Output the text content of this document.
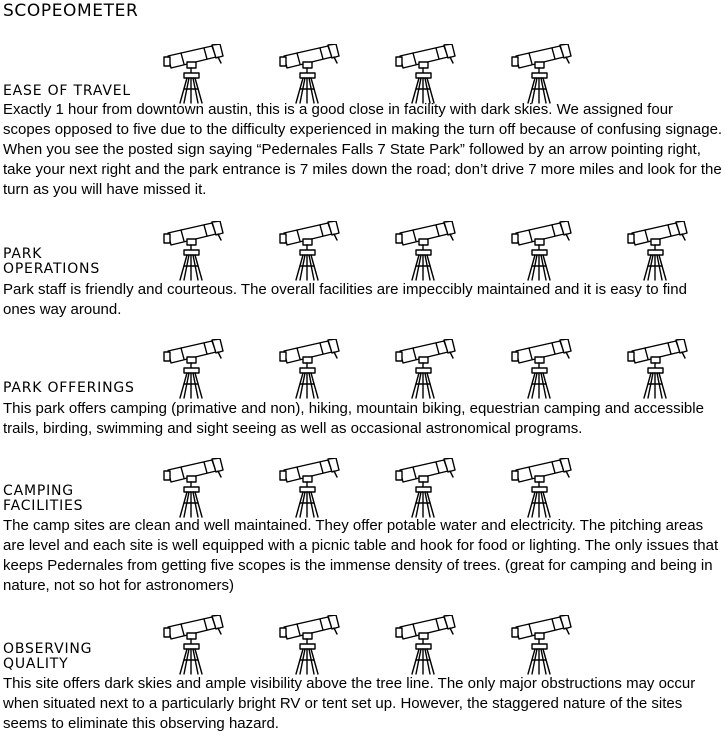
SCOPEOMETER

EASE OF TRAVEL

Exactly 1 hour from downtown austin, this is a good close in facility with dark skies. We assigned four scopes opposed to five due to the difficulty experienced in making the turn off because of confusing signage. When you see the posted sign saying “Pedernales Falls 7 State Park” followed by an arrow pointing right, take your next right and the park entrance is 7 miles down the road; don’t drive 7 more miles and look for the turn as you will have missed it.

PARK
OPERATIONS

Park staff is friendly and courteous. The overall facilities are impeccibly maintained and it is easy to find ones way around.

PARK OFFERINGS

This park offers camping (primative and non), hiking, mountain biking, equestrian camping and accessible trails, birding, swimming and sight seeing as well as occasional astronomical programs.

CAMPING
FACILITIES

The camp sites are clean and well maintained. They offer potable water and electricity. The pitching areas are level and each site is well equipped with a picnic table and hook for food or lighting. The only issues that keeps Pedernales from getting five scopes is the immense density of trees. (great for camping and being in nature, not so hot for astronomers)

OBSERVING
QUALITY

This site offers dark skies and ample visibility above the tree line. The only major obstructions may occur when situated next to a particularly bright RV or tent set up. However, the staggered nature of the sites seems to eliminate this observing hazard.
